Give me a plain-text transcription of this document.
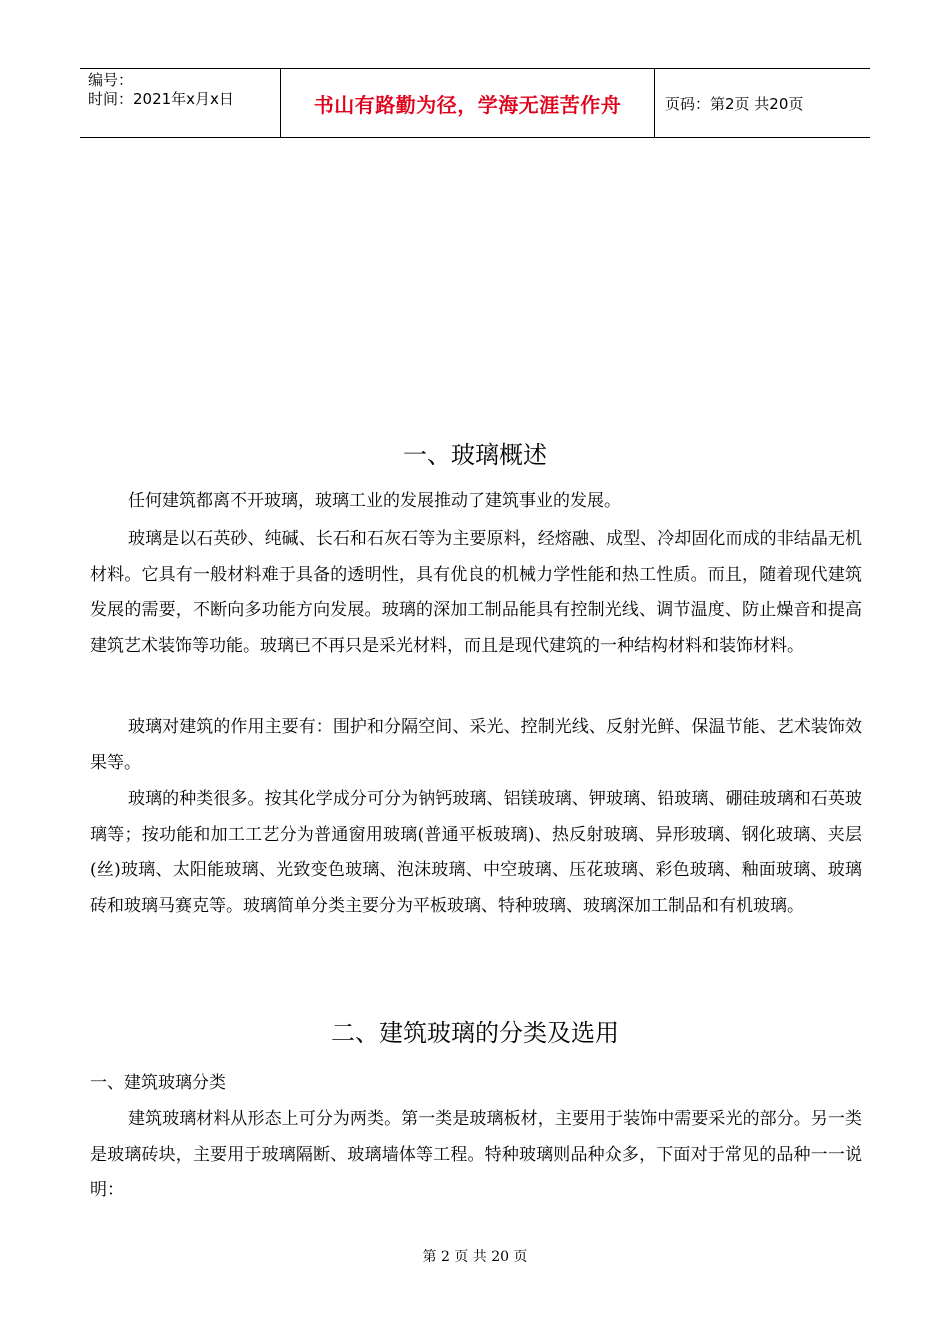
编号：
时间：2021年x月x日	书山有路勤为径，学海无涯苦作舟	页码：第2页 共20页
一、玻璃概述

任何建筑都离不开玻璃，玻璃工业的发展推动了建筑事业的发展。

玻璃是以石英砂、纯碱、长石和石灰石等为主要原料，经熔融、成型、冷却固化而成的非结晶无机材料。它具有一般材料难于具备的透明性，具有优良的机械力学性能和热工性质。而且，随着现代建筑发展的需要，不断向多功能方向发展。玻璃的深加工制品能具有控制光线、调节温度、防止燥音和提高建筑艺术装饰等功能。玻璃已不再只是采光材料，而且是现代建筑的一种结构材料和装饰材料。

玻璃对建筑的作用主要有：围护和分隔空间、采光、控制光线、反射光鲜、保温节能、艺术装饰效果等。

玻璃的种类很多。按其化学成分可分为钠钙玻璃、铝镁玻璃、钾玻璃、铅玻璃、硼硅玻璃和石英玻璃等；按功能和加工工艺分为普通窗用玻璃(普通平板玻璃)、热反射玻璃、异形玻璃、钢化玻璃、夹层(丝)玻璃、太阳能玻璃、光致变色玻璃、泡沫玻璃、中空玻璃、压花玻璃、彩色玻璃、釉面玻璃、玻璃砖和玻璃马赛克等。玻璃简单分类主要分为平板玻璃、特种玻璃、玻璃深加工制品和有机玻璃。

二、建筑玻璃的分类及选用

一、建筑玻璃分类

建筑玻璃材料从形态上可分为两类。第一类是玻璃板材，主要用于装饰中需要采光的部分。另一类是玻璃砖块，主要用于玻璃隔断、玻璃墙体等工程。特种玻璃则品种众多，下面对于常见的品种一一说明：

第 2 页 共 20 页
